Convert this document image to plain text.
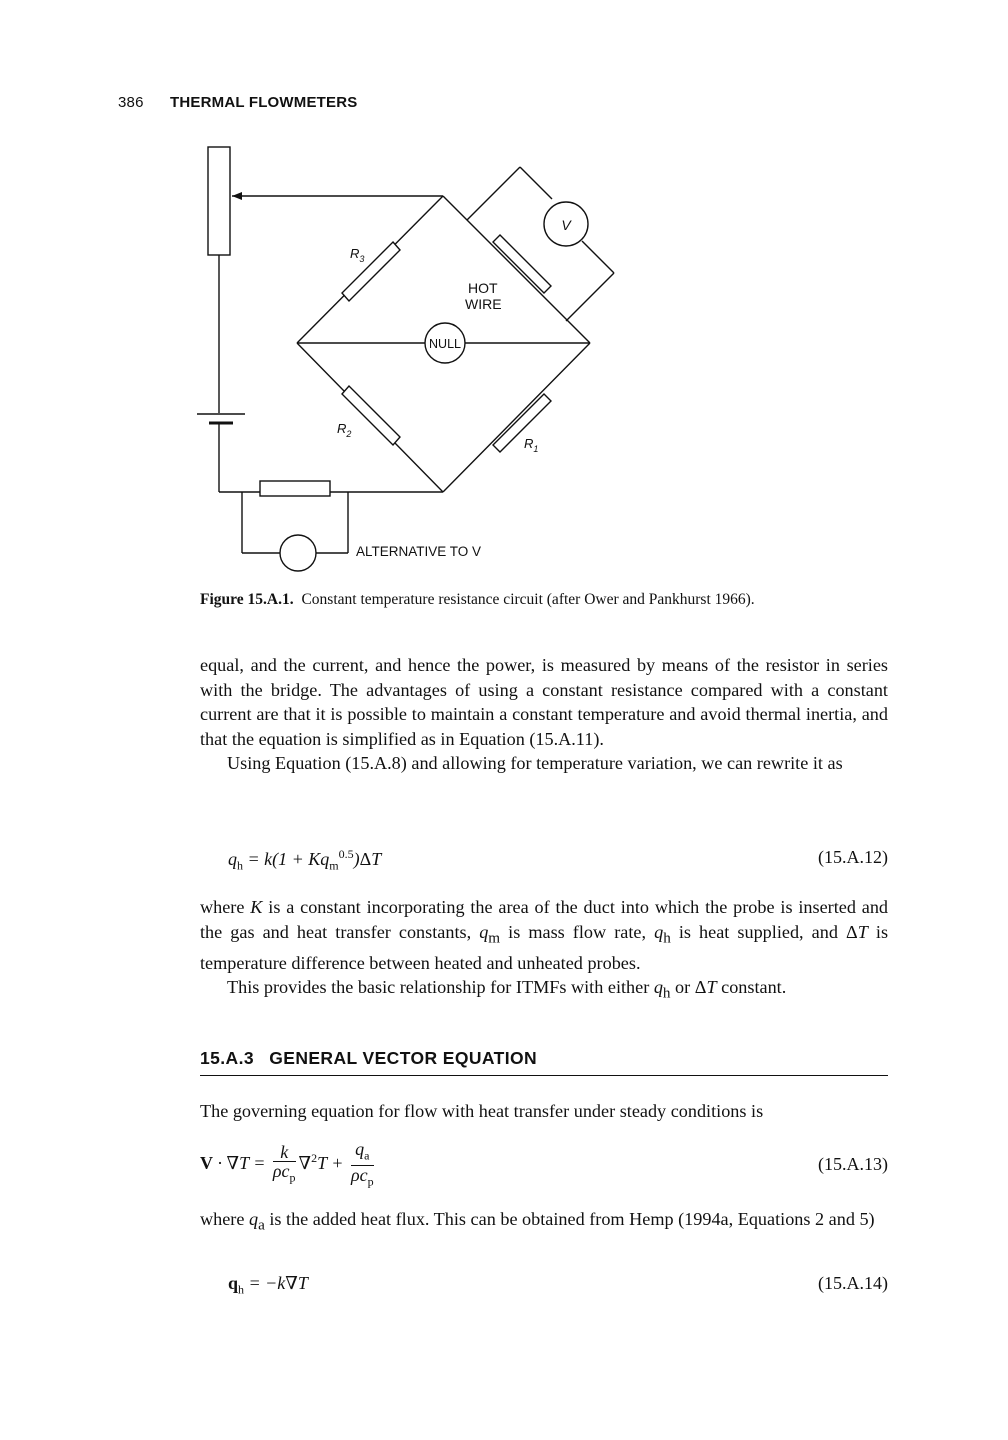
386 THERMAL FLOWMETERS
$R_3$
HOT
WIRE
NULL
V
$R_2$
$R_1$
ALTERNATIVE TO V
Figure 15.A.1. Constant temperature resistance circuit (after Ower and Pankhurst 1966).

equal, and the current, and hence the power, is measured by means of the resistor in series with the bridge. The advantages of using a constant resistance compared with a constant current are that it is possible to maintain a constant temperature and avoid thermal inertia, and that the equation is simplified as in Equation (15.A.11).

Using Equation (15.A.8) and allowing for temperature variation, we can rewrite it as

$q_h = k(1 + Kq_m^{0.5})\Delta T$	(15.A.12)

where K is a constant incorporating the area of the duct into which the probe is inserted and the gas and heat transfer constants, $q_m$ is mass flow rate, $q_h$ is heat supplied, and ΔT is temperature difference between heated and unheated probes.

This provides the basic relationship for ITMFs with either $q_h$ or ΔT constant.

15.A.3 GENERAL VECTOR EQUATION

The governing equation for flow with heat transfer under steady conditions is

$V \cdot \nabla T = \frac{k}{\rho c_p} \nabla^2T + \frac{q_a}{\rho c_p}$	(15.A.13)

where $q_a$ is the added heat flux. This can be obtained from Hemp (1994a, Equations 2 and 5)

$q_h = -k\nabla T$	(15.A.14)
